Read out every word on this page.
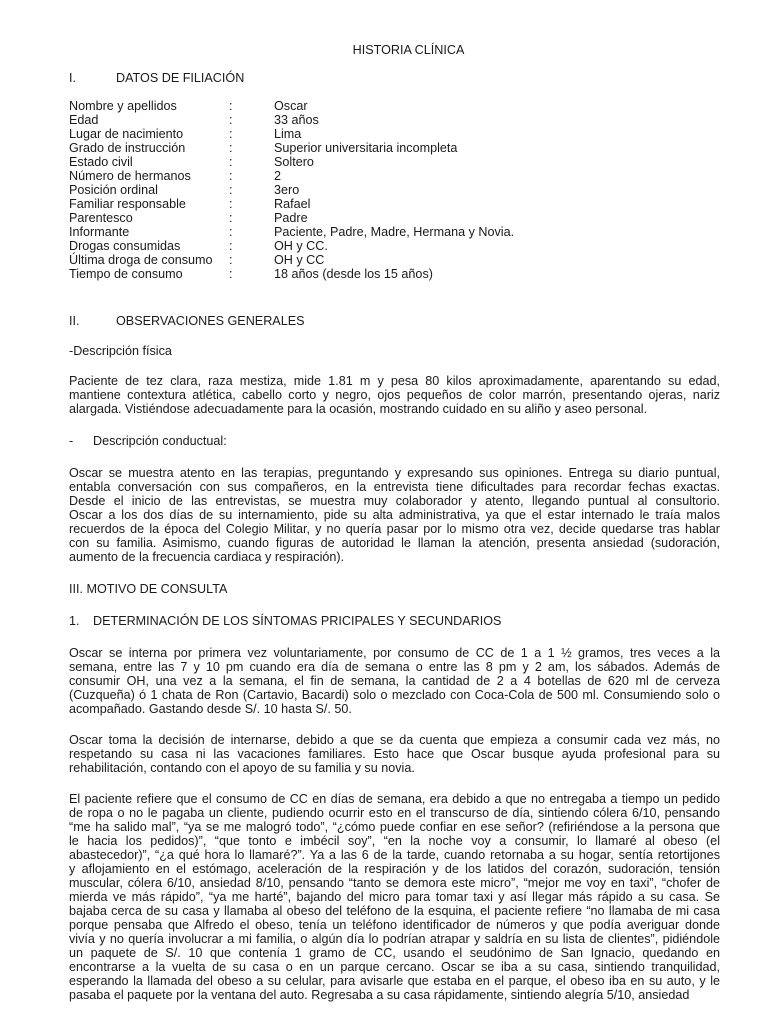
HISTORIA CLÍNICA

I.	DATOS DE FILIACIÓN
Nombre y apellidos	:	Oscar
Edad	:	33 años
Lugar de nacimiento	:	Lima
Grado de instrucción	:	Superior universitaria incompleta
Estado civil	:	Soltero
Número de hermanos	:	2
Posición ordinal	:	3ero
Familiar responsable	:	Rafael
Parentesco	:	Padre
Informante	:	Paciente, Padre, Madre, Hermana y Novia.
Drogas consumidas	:	OH y CC.
Última droga de consumo	:	OH y CC
Tiempo de consumo	:	18 años (desde los 15 años)
II.	OBSERVACIONES GENERALES

-Descripción física

Paciente de tez clara, raza mestiza, mide 1.81 m y pesa 80 kilos aproximadamente, aparentando su edad,
mantiene contextura atlética, cabello corto y negro, ojos pequeños de color marrón, presentando ojeras, nariz
alargada. Vistiéndose adecuadamente para la ocasión, mostrando cuidado en su aliño y aseo personal.
-	Descripción conductual:
Oscar se muestra atento en las terapias, preguntando y expresando sus opiniones. Entrega su diario puntual,
entabla conversación con sus compañeros, en la entrevista tiene dificultades para recordar fechas exactas.
Desde el inicio de las entrevistas, se muestra muy colaborador y atento, llegando puntual al consultorio.
Oscar a los dos días de su internamiento, pide su alta administrativa, ya que el estar internado le traía malos
recuerdos de la época del Colegio Militar, y no quería pasar por lo mismo otra vez, decide quedarse tras hablar
con su familia. Asimismo, cuando figuras de autoridad le llaman la atención, presenta ansiedad (sudoración,
aumento de la frecuencia cardiaca y respiración).

III. MOTIVO DE CONSULTA

1.	DETERMINACIÓN DE LOS SÍNTOMAS PRICIPALES Y SECUNDARIOS
Oscar se interna por primera vez voluntariamente, por consumo de CC de 1 a 1 ½ gramos, tres veces a la
semana, entre las 7 y 10 pm cuando era día de semana o entre las 8 pm y 2 am, los sábados. Además de
consumir OH, una vez a la semana, el fin de semana, la cantidad de 2 a 4 botellas de 620 ml de cerveza
(Cuzqueña) ó 1 chata de Ron (Cartavio, Bacardi) solo o mezclado con Coca-Cola de 500 ml. Consumiendo solo o
acompañado. Gastando desde S/. 10 hasta S/. 50.
Oscar toma la decisión de internarse, debido a que se da cuenta que empieza a consumir cada vez más, no
respetando su casa ni las vacaciones familiares. Esto hace que Oscar busque ayuda profesional para su
rehabilitación, contando con el apoyo de su familia y su novia.
El paciente refiere que el consumo de CC en días de semana, era debido a que no entregaba a tiempo un pedido
de ropa o no le pagaba un cliente, pudiendo ocurrir esto en el transcurso de día, sintiendo cólera 6/10, pensando
“me ha salido mal”, “ya se me malogró todo”, “¿cómo puede confiar en ese señor? (refiriéndose a la persona que
le hacia los pedidos)”, “que tonto e imbécil soy”, “en la noche voy a consumir, lo llamaré al obeso (el
abastecedor)”, “¿a qué hora lo llamaré?”. Ya a las 6 de la tarde, cuando retornaba a su hogar, sentía retortijones
y aflojamiento en el estómago, aceleración de la respiración y de los latidos del corazón, sudoración, tensión
muscular, cólera 6/10, ansiedad 8/10, pensando “tanto se demora este micro”, “mejor me voy en taxi”, “chofer de
mierda ve más rápido”, “ya me harté”, bajando del micro para tomar taxi y así llegar más rápido a su casa. Se
bajaba cerca de su casa y llamaba al obeso del teléfono de la esquina, el paciente refiere “no llamaba de mi casa
porque pensaba que Alfredo el obeso, tenía un teléfono identificador de números y que podía averiguar donde
vivía y no quería involucrar a mi familia, o algún día lo podrían atrapar y saldría en su lista de clientes”, pidiéndole
un paquete de S/. 10 que contenía 1 gramo de CC, usando el seudónimo de San Ignacio, quedando en
encontrarse a la vuelta de su casa o en un parque cercano. Oscar se iba a su casa, sintiendo tranquilidad,
esperando la llamada del obeso a su celular, para avisarle que estaba en el parque, el obeso iba en su auto, y le
pasaba el paquete por la ventana del auto. Regresaba a su casa rápidamente, sintiendo alegría 5/10, ansiedad
